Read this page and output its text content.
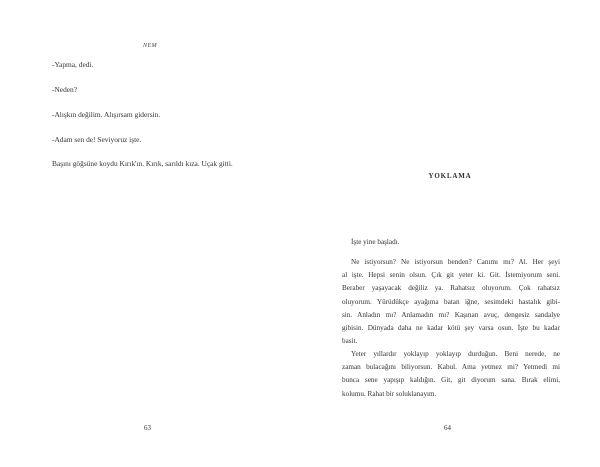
NEM
-Yapma, dedi.
-Neden?
-Alışkın değilim. Alışırsam gidersin.
-Adam sen de! Seviyoruz işte.
Başını göğsüne koydu Kırık'ın. Kırık, sarıldı kıza. Uçak gitti.
63
YOKLAMA

İşte yine başladı.

Ne istiyorsun? Ne istiyorsun benden? Canımı mı? Al. Her şeyi
al işte. Hepsi senin olsun. Çık git yeter ki. Git. İstemiyorum seni.
Beraber yaşayacak değiliz ya. Rahatsız oluyorum. Çok rahatsız
oluyorum. Yürüdükçe ayağıma batan iğne, sesimdeki hastalık gibi-
sin. Anladın mı? Anlamadın mı? Kaşınan avuç, dengesiz sandalye
gibisin. Dünyada daha ne kadar kötü şey varsa osun. İşte bu kadar
basit.

Yeter yıllardır yoklayıp yoklayıp durduğun. Beni nerede, ne
zaman bulacağını biliyorsun. Kabul. Ama yetmez mi? Yetmedi mi
bunca sene yapışıp kaldığın. Git, git diyorum sana. Bırak elimi,
kolumu. Rahat bir soluklanayım.

64
